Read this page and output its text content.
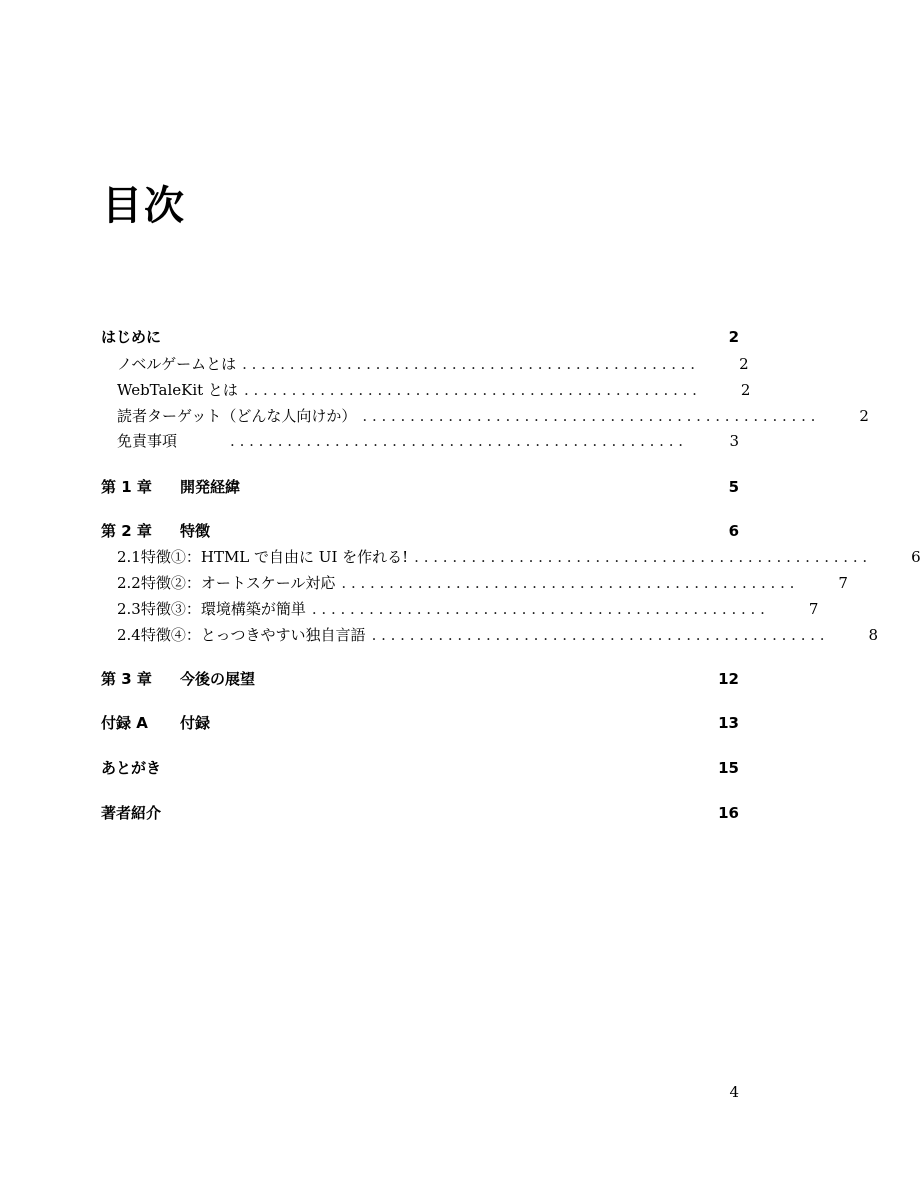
目次
はじめに	2
ノベルゲームとは . . . . . . . . . . . . . . . . . . . . . . . . . . . . . . . . . . . . . . . . . . . . . . . .	2
WebTaleKit とは . . . . . . . . . . . . . . . . . . . . . . . . . . . . . . . . . . . . . . . . . . . . . . . .	2
読者ターゲット（どんな人向けか） . . . . . . . . . . . . . . . . . . . . . . . . . . . . . . . . . . . . . . . . . . . . . . . .	2
免責事項	. . . . . . . . . . . . . . . . . . . . . . . . . . . . . . . . . . . . . . . . . . . . . . . .	3
第 1 章	開発経緯	5
第 2 章	特徴	6
2.1 特徴①：HTML で自由に UI を作れる! . . . . . . . . . . . . . . . . . . . . . . . . . . . . . . . . . . . . . . . . . . . . . . . .	6
2.2 特徴②：オートスケール対応 . . . . . . . . . . . . . . . . . . . . . . . . . . . . . . . . . . . . . . . . . . . . . . . .	7
2.3 特徴③：環境構築が簡単 . . . . . . . . . . . . . . . . . . . . . . . . . . . . . . . . . . . . . . . . . . . . . . . .	7
2.4 特徴④：とっつきやすい独自言語 . . . . . . . . . . . . . . . . . . . . . . . . . . . . . . . . . . . . . . . . . . . . . . . .	8
第 3 章	今後の展望	12
付録 A	付録	13
あとがき	15
著者紹介	16
4
